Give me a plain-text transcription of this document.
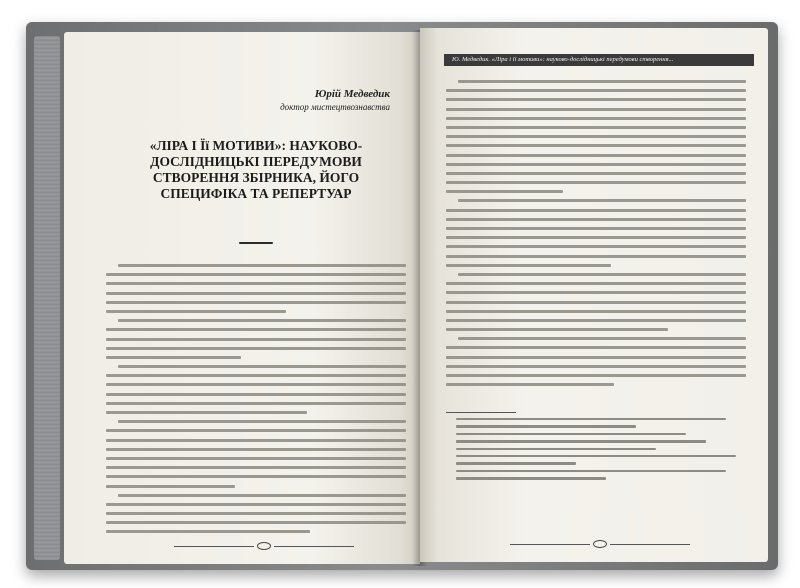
Юрій Медведик
доктор мистецтвознавства
«ЛІРА І Її МОТИВИ»: НАУКОВО-ДОСЛІДНИЦЬКІ ПЕРЕДУМОВИ СТВОРЕННЯ ЗБІРНИКА, ЙОГО СПЕЦИФІКА ТА РЕПЕРТУАР
Ю. Медведик. «Ліра і її мотиви»: науково-дослідницькі передумови створення...
